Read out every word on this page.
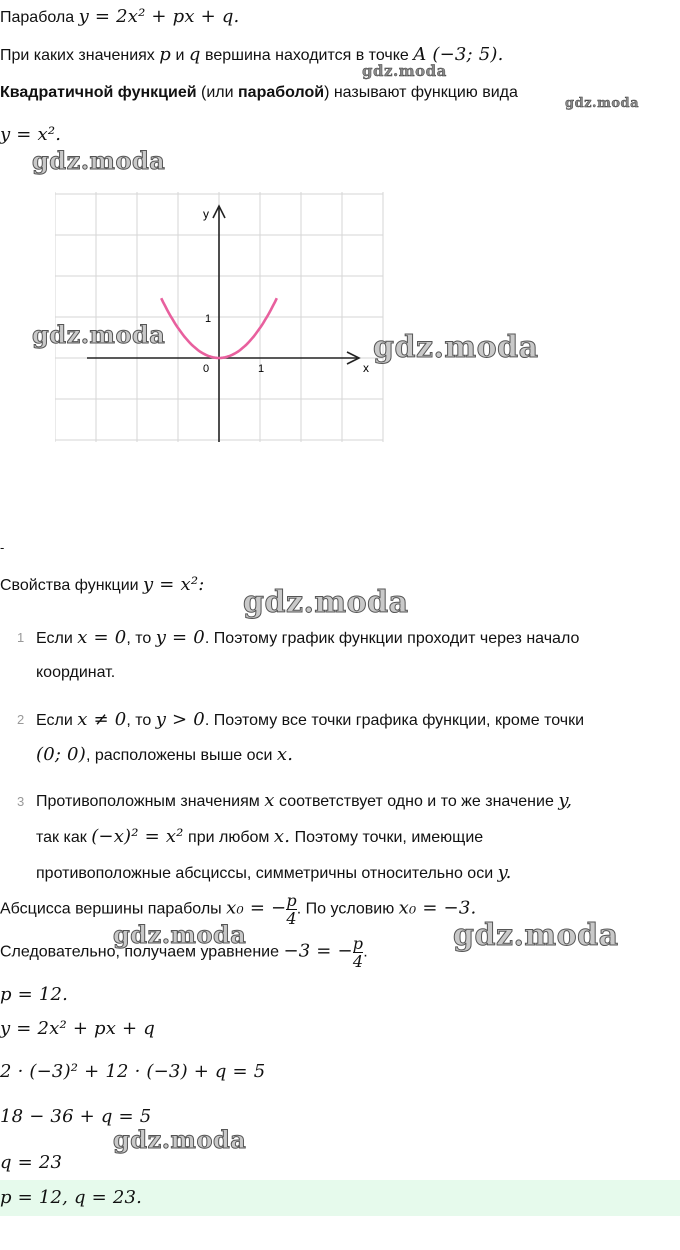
Парабола y = 2x² + px + q.
При каких значениях p и q вершина находится в точке A (−3; 5).
Квадратичной функцией (или параболой) называют функцию вида
y = x².
y
x
0	1
1
-
Свойства функции y = x²:
1 Если x = 0, то y = 0. Поэтому график функции проходит через начало
координат.
2 Если x ≠ 0, то y > 0. Поэтому все точки графика функции, кроме точки
(0; 0), расположены выше оси x.
3 Противоположным значениям x соответствует одно и то же значение y,
так как (−x)² = x² при любом x. Поэтому точки, имеющие
противоположные абсциссы, симметричны относительно оси y.
Абсцисса вершины параболы x₀ = − $\frac{p}{4}$ . По условию x₀ = −3.
Следовательно, получаем уравнение −3 = − $\frac{p}{4}$ .
p = 12.
y = 2x² + px + q
2 · (−3)² + 12 · (−3) + q = 5
18 − 36 + q = 5
q = 23
p = 12, q = 23.
gdz.moda
gdz.moda
gdz.moda
gdz.moda	gdz.moda
gdz.moda
gdz.moda	gdz.moda
gdz.moda
